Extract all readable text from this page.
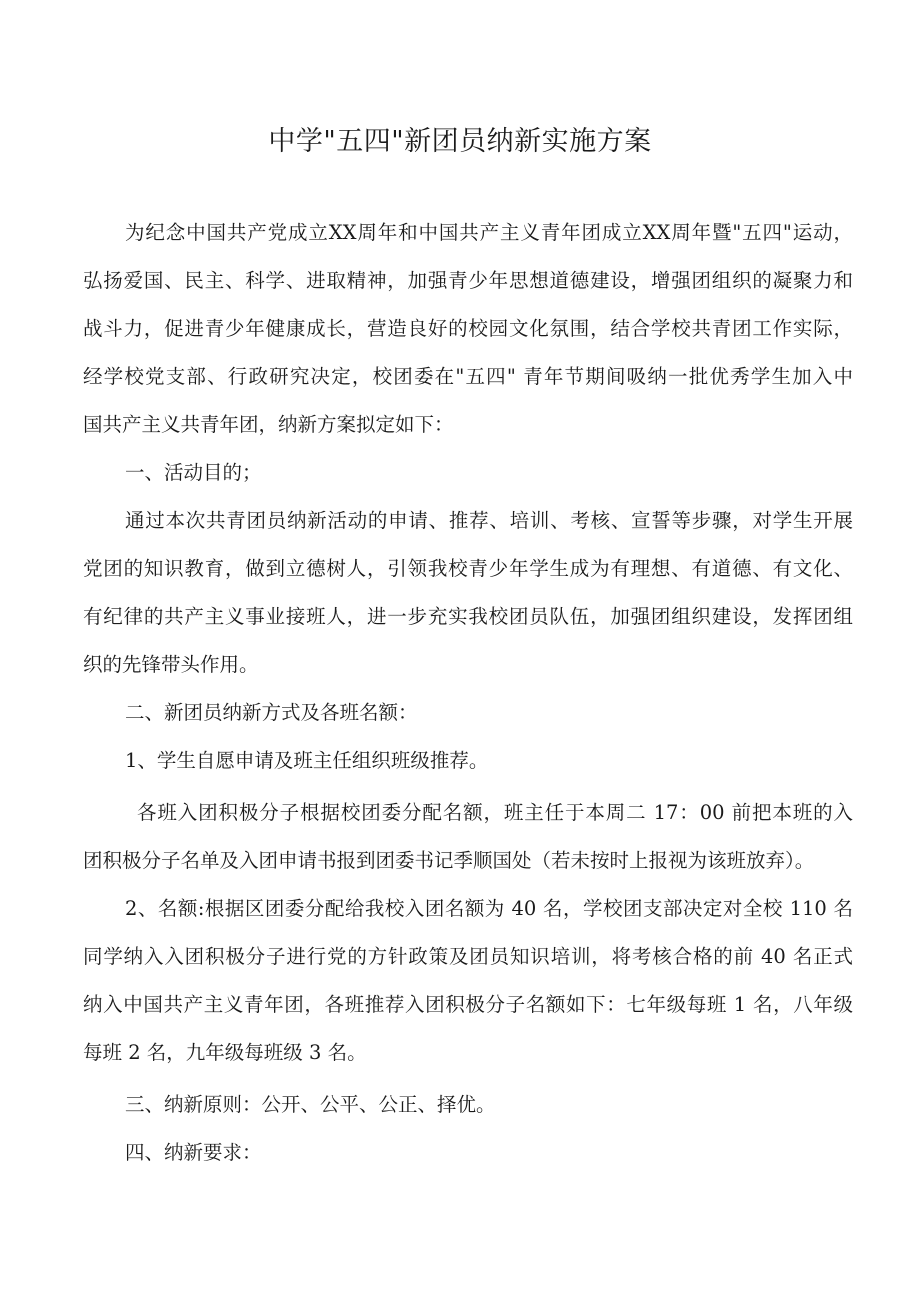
中学"五四"新团员纳新实施方案

为纪念中国共产党成立XX周年和中国共产主义青年团成立XX周年暨"五四"运动，

弘扬爱国、民主、科学、进取精神，加强青少年思想道德建设，增强团组织的凝聚力和

战斗力，促进青少年健康成长，营造良好的校园文化氛围，结合学校共青团工作实际，

经学校党支部、行政研究决定，校团委在"五四" 青年节期间吸纳一批优秀学生加入中

国共产主义共青年团，纳新方案拟定如下：

一、活动目的；

通过本次共青团员纳新活动的申请、推荐、培训、考核、宣誓等步骤，对学生开展

党团的知识教育，做到立德树人，引领我校青少年学生成为有理想、有道德、有文化、

有纪律的共产主义事业接班人，进一步充实我校团员队伍，加强团组织建设，发挥团组

织的先锋带头作用。

二、新团员纳新方式及各班名额：

1、学生自愿申请及班主任组织班级推荐。

各班入团积极分子根据校团委分配名额，班主任于本周二 17：00 前把本班的入

团积极分子名单及入团申请书报到团委书记季顺国处（若未按时上报视为该班放弃）。

2、名额:根据区团委分配给我校入团名额为 40 名，学校团支部决定对全校 110 名

同学纳入入团积极分子进行党的方针政策及团员知识培训，将考核合格的前 40 名正式

纳入中国共产主义青年团，各班推荐入团积极分子名额如下：七年级每班 1 名，八年级

每班 2 名，九年级每班级 3 名。

三、纳新原则：公开、公平、公正、择优。

四、纳新要求：
